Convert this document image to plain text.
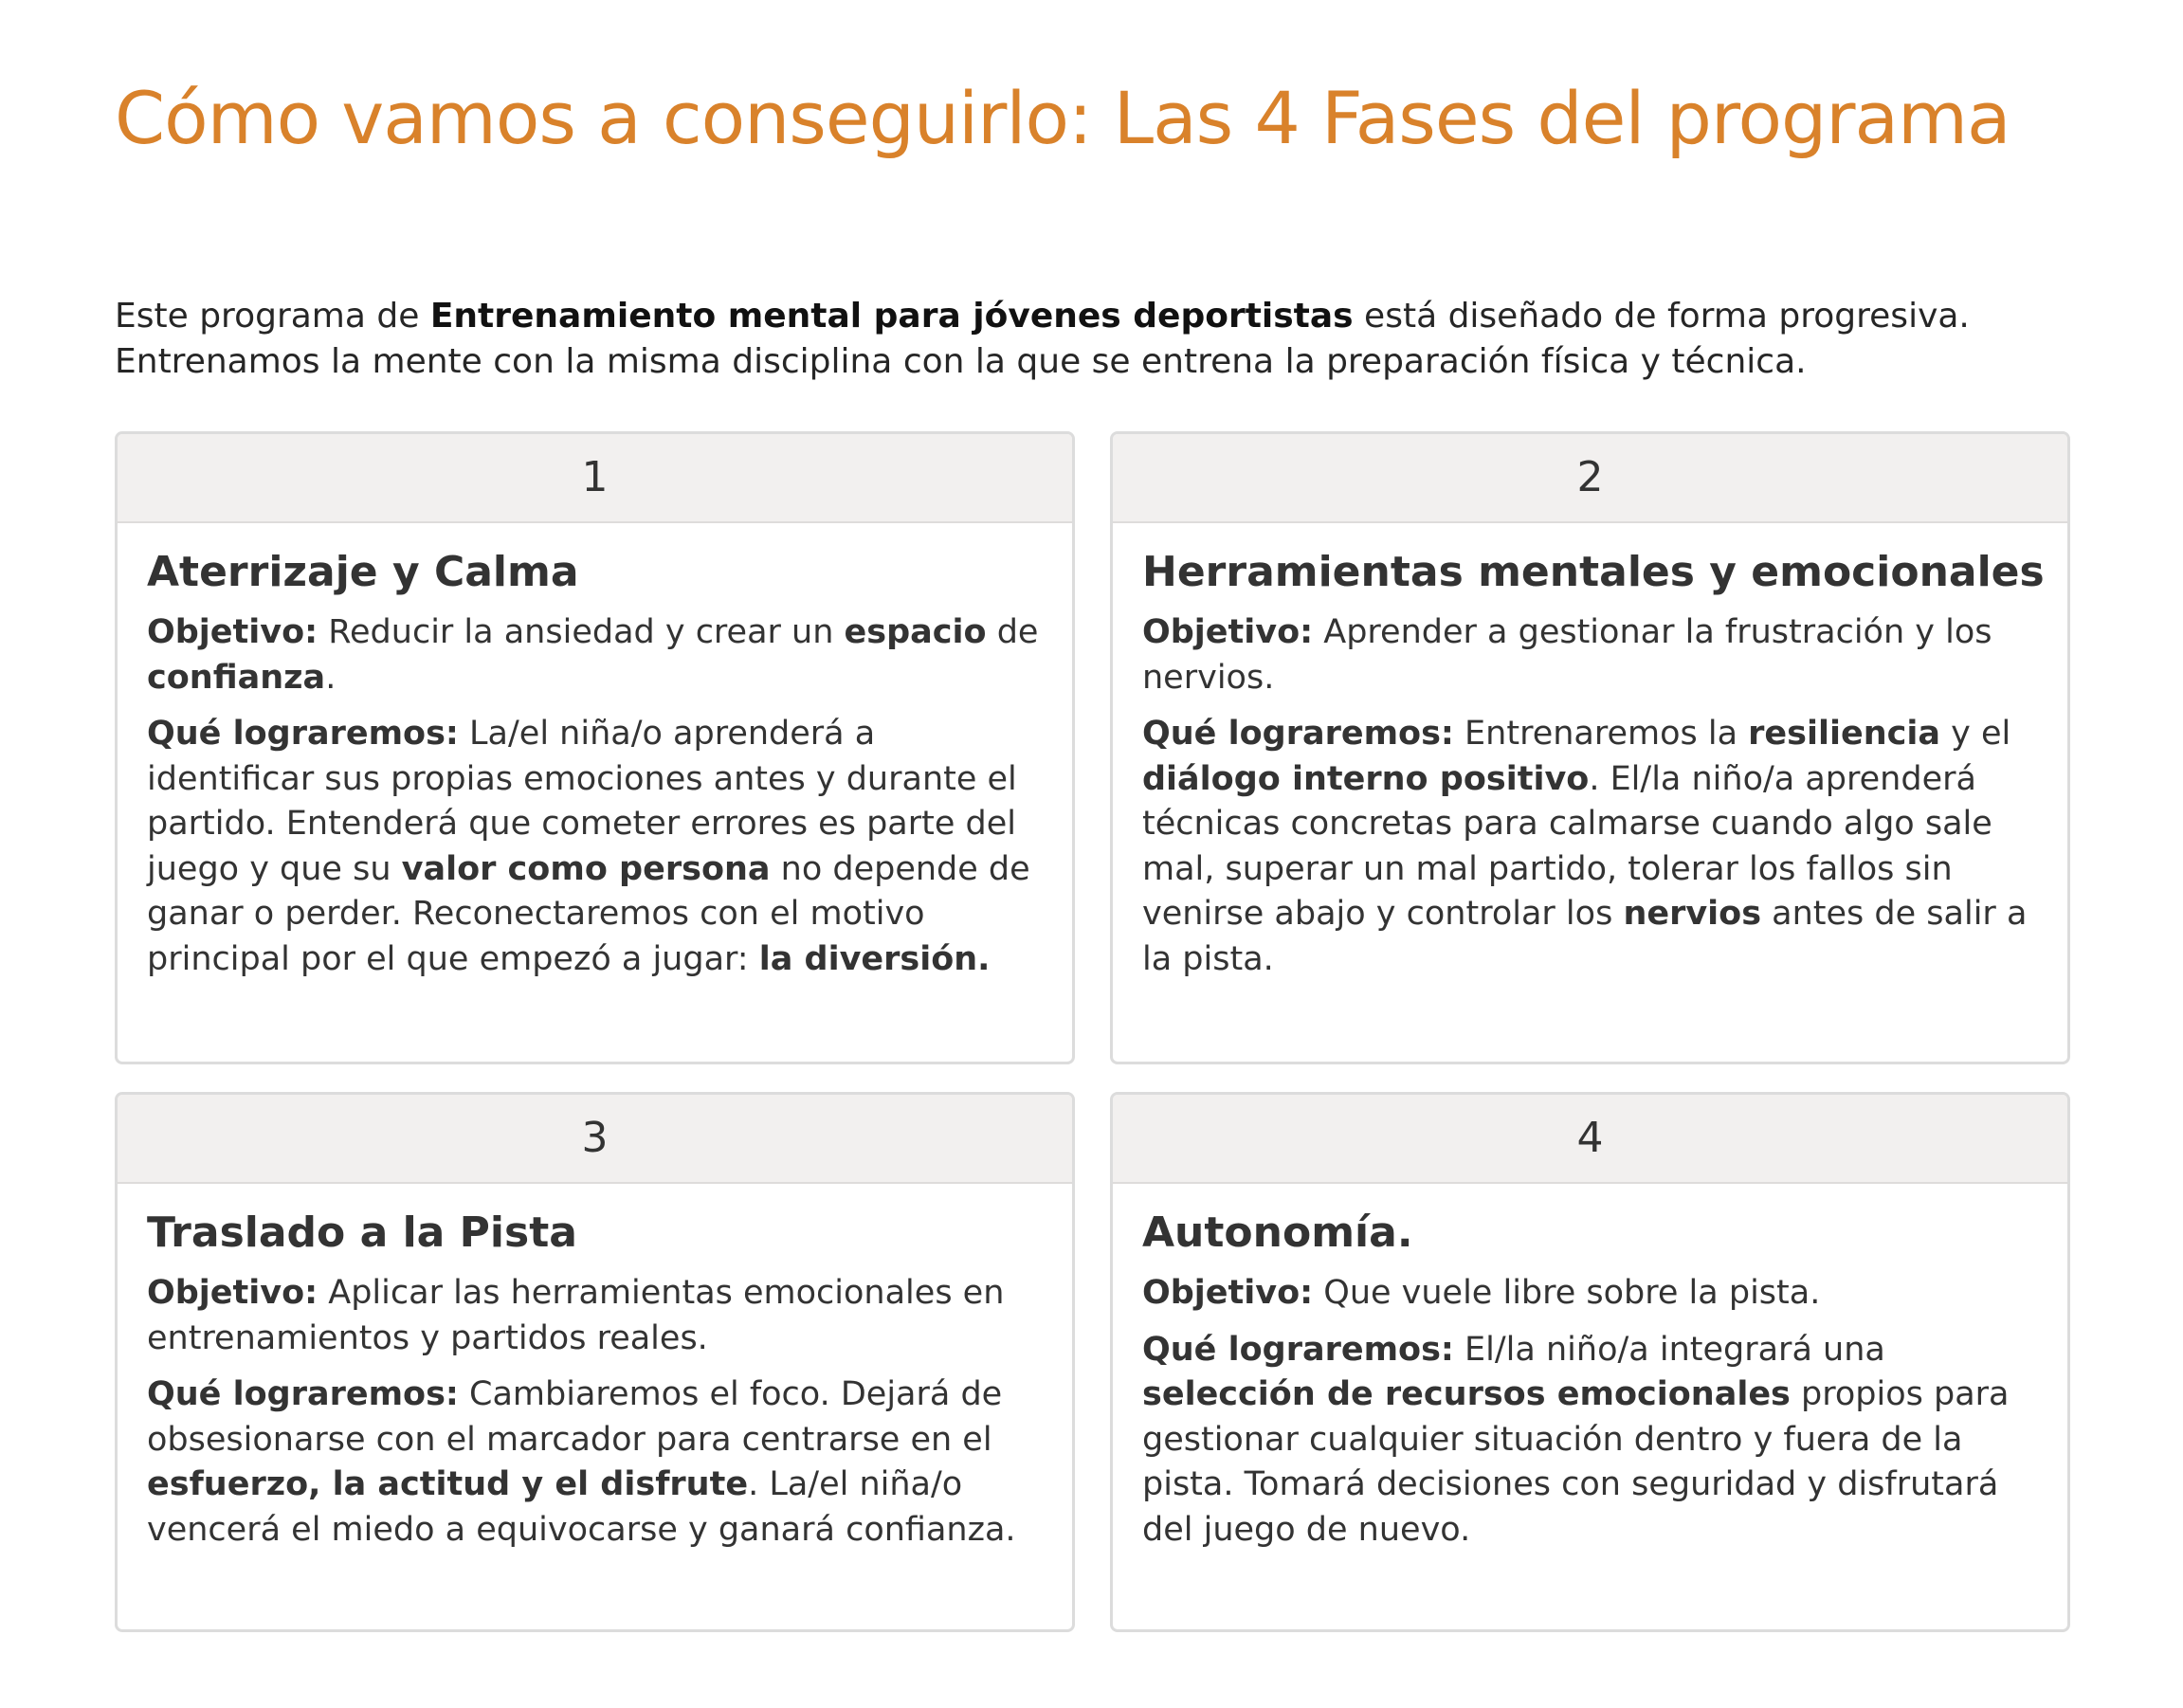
Cómo vamos a conseguirlo: Las 4 Fases del programa

Este programa de Entrenamiento mental para jóvenes deportistas está diseñado de forma progresiva.

Entrenamos la mente con la misma disciplina con la que se entrena la preparación física y técnica.

1
Aterrizaje y Calma

Objetivo: Reducir la ansiedad y crear un espacio de confianza.

Qué lograremos: La/el niña/o aprenderá a identificar sus propias emociones antes y durante el partido. Entenderá que cometer errores es parte del juego y que su valor como persona no depende de ganar o perder. Reconectaremos con el motivo principal por el que empezó a jugar: la diversión.

2
Herramientas mentales y emocionales

Objetivo: Aprender a gestionar la frustración y los nervios.

Qué lograremos: Entrenaremos la resiliencia y el diálogo interno positivo. El/la niño/a aprenderá técnicas concretas para calmarse cuando algo sale mal, superar un mal partido, tolerar los fallos sin venirse abajo y controlar los nervios antes de salir a la pista.

3
Traslado a la Pista

Objetivo: Aplicar las herramientas emocionales en entrenamientos y partidos reales.

Qué lograremos: Cambiaremos el foco. Dejará de obsesionarse con el marcador para centrarse en el esfuerzo, la actitud y el disfrute. La/el niña/o vencerá el miedo a equivocarse y ganará confianza.

4
Autonomía.

Objetivo: Que vuele libre sobre la pista.

Qué lograremos: El/la niño/a integrará una selección de recursos emocionales propios para gestionar cualquier situación dentro y fuera de la pista. Tomará decisiones con seguridad y disfrutará del juego de nuevo.
